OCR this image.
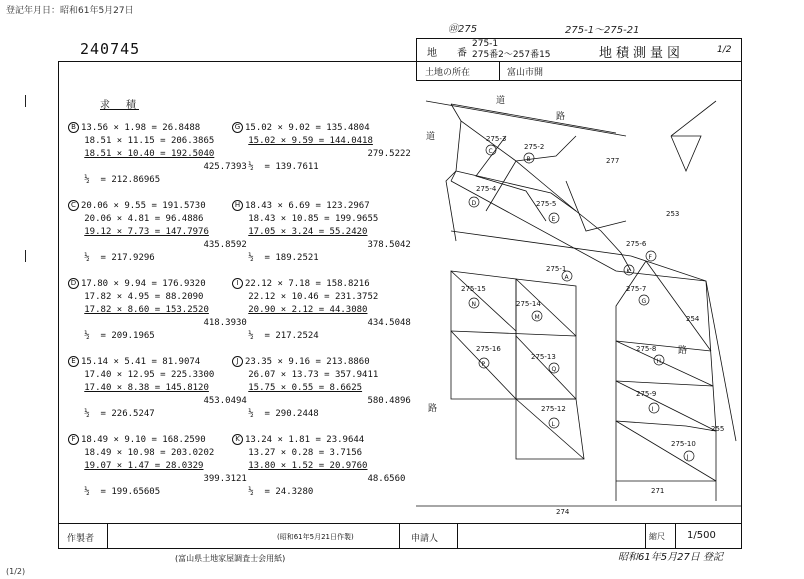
登記年月日：昭和61年5月27日
240745
㊞275	275-1～275-21
地　　番
275-1
275番2～257番15	地積測量図	1/2
土地の所在	富山市開
求　積
B 13.56 × 1.98 = 26.8488
18.51 × 11.15 = 206.3865
18.51 × 10.40 = 192.5040
425.7393
½  = 212.86965
C 20.06 × 9.55 = 191.5730
20.06 × 4.81 = 96.4886
19.12 × 7.73 = 147.7976
435.8592
½  = 217.9296
D 17.80 × 9.94 = 176.9320
17.82 × 4.95 = 88.2090
17.82 × 8.60 = 153.2520
418.3930
½  = 209.1965
E 15.14 × 5.41 = 81.9074
17.40 × 12.95 = 225.3300
17.40 × 8.38 = 145.8120
453.0494
½  = 226.5247
F 18.49 × 9.10 = 168.2590
18.49 × 10.98 = 203.0202
19.07 × 1.47 = 28.0329
399.3121
½  = 199.65605
G 15.02 × 9.02 = 135.4804
15.02 × 9.59 = 144.0418
279.5222
½  = 139.7611
H 18.43 × 6.69 = 123.2967
18.43 × 10.85 = 199.9655
17.05 × 3.24 = 55.2420
378.5042
½  = 189.2521
I 22.12 × 7.18 = 158.8216
22.12 × 10.46 = 231.3752
20.90 × 2.12 = 44.3080
434.5048
½  = 217.2524
J 23.35 × 9.16 = 213.8860
26.07 × 13.73 = 357.9411
15.75 × 0.55 = 8.6625
580.4896
½  = 290.2448
K 13.24 × 1.81 = 23.9644
13.27 × 0.28 = 3.7156
13.80 × 1.52 = 20.9760
48.6560
½  = 24.3280
道
路
道
路
路
275-3
275-2
275-4
275-5
275-6
275-1
275-7
275-15
275-14
275-16
275-13
275-8
275-12
275-9
275-10
277
253
254
255
271
274
C
B
D
E
F
A
G
N
M
P
Q
H
L
I
J
K
作製者	(昭和61年5月21日作製)	申請人	縮尺 1/500
(富山県土地家屋調査士会用紙)	昭和61年5月27日 登記
(1/2)
